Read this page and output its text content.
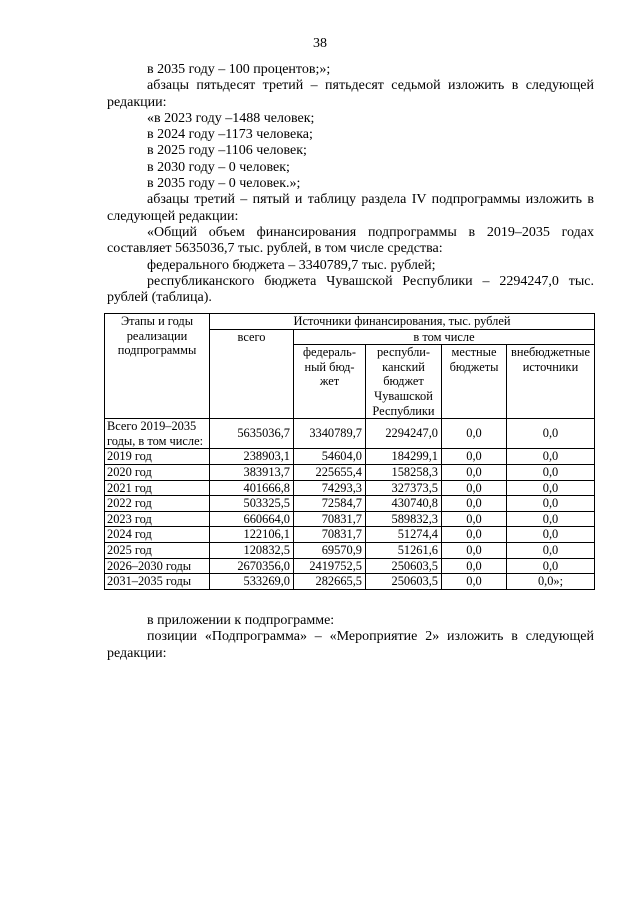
38

в 2035 году – 100 процентов;»;

абзацы пятьдесят третий – пятьдесят седьмой изложить в следующей редакции:

«в 2023 году –1488 человек;

в 2024 году –1173 человека;

в 2025 году –1106 человек;

в 2030 году – 0 человек;

в 2035 году – 0 человек.»;

абзацы третий – пятый и таблицу раздела IV подпрограммы изложить в следующей редакции:

«Общий объем финансирования подпрограммы в 2019–2035 годах составляет 5635036,7 тыс. рублей, в том числе средства:

федерального бюджета – 3340789,7 тыс. рублей;

республиканского бюджета Чувашской Республики – 2294247,0 тыс. рублей (таблица).

Этапы и годы реализации подпрограммы	Источники финансирования, тыс. рублей				
	всего	в том числе			
		федераль-ный бюд-жет	республи-канский бюджет Чувашской Республики	местные бюджеты	внебюджетные источники
Всего 2019–2035 годы, в том числе:	5635036,7	3340789,7	2294247,0	0,0	0,0
2019 год	238903,1	54604,0	184299,1	0,0	0,0
2020 год	383913,7	225655,4	158258,3	0,0	0,0
2021 год	401666,8	74293,3	327373,5	0,0	0,0
2022 год	503325,5	72584,7	430740,8	0,0	0,0
2023 год	660664,0	70831,7	589832,3	0,0	0,0
2024 год	122106,1	70831,7	51274,4	0,0	0,0
2025 год	120832,5	69570,9	51261,6	0,0	0,0
2026–2030 годы	2670356,0	2419752,5	250603,5	0,0	0,0
2031–2035 годы	533269,0	282665,5	250603,5	0,0	0,0»;

в приложении к подпрограмме:

позиции «Подпрограмма» – «Мероприятие 2» изложить в следующей редакции:
